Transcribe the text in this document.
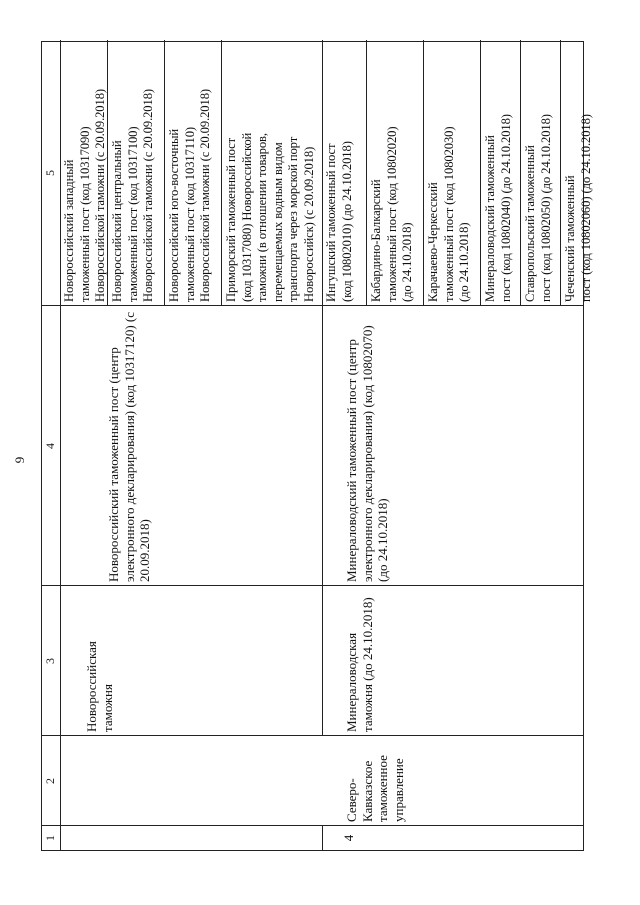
9
1
2
3
4
5
4
Северо-Кавказское таможенное управление
Новороссийская таможня	Минераловодская таможня (до 24.10.2018)
Новороссийский таможенный пост (центр электронного декларирования) (код 10317120) (с 20.09.2018)	Минераловодский таможенный пост (центр электронного декларирования) (код 10802070) (до 24.10.2018)
Новороссийский западный таможенный пост (код 10317090) Новороссийской таможни (с 20.09.2018) Новороссийский центральный таможенный пост (код 10317100) Новороссийской таможни (с 20.09.2018) Новороссийский юго-восточный таможенный пост (код 10317110) Новороссийской таможни (с 20.09.2018) Приморский таможенный пост (код 10317080) Новороссийской таможни (в отношении товаров, перемещаемых водным видом транспорта через морской порт Новороссийск) (с 20.09.2018) Ингушский таможенный пост (код 10802010) (до 24.10.2018) Кабардино-Балкарский таможенный пост (код 10802020) (до 24.10.2018) Карачаево-Черкесский таможенный пост (код 10802030) (до 24.10.2018) Минераловодский таможенный пост (код 10802040) (до 24.10.2018) Ставропольский таможенный пост (код 10802050) (до 24.10.2018) Чеченский таможенный пост (код 10802060) (до 24.10.2018)
